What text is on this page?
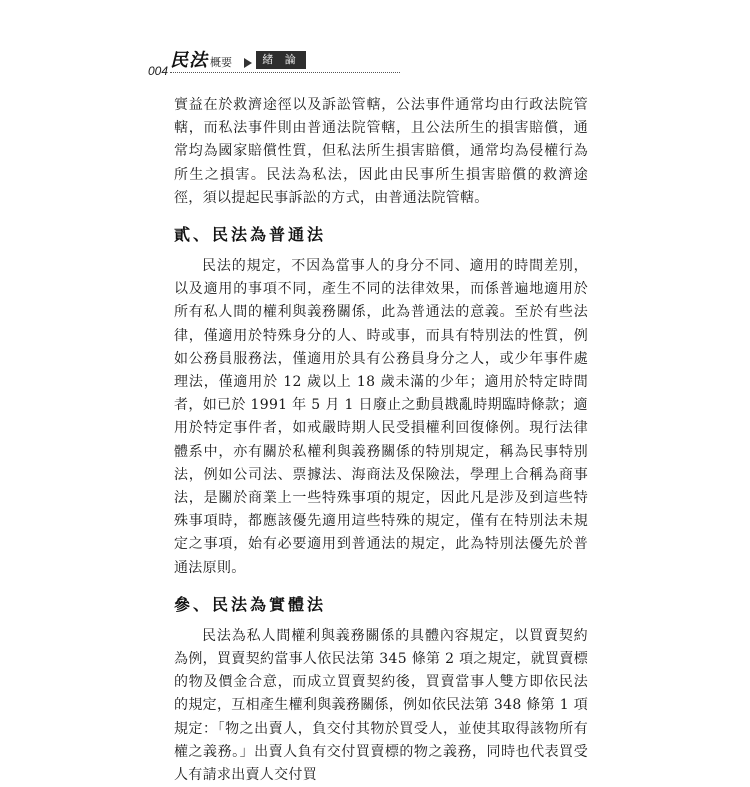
004 民法 概要	緒 論

實益在於救濟途徑以及訴訟管轄，公法事件通常均由行政法院管轄，而私法事件則由普通法院管轄，且公法所生的損害賠償，通常均為國家賠償性質，但私法所生損害賠償，通常均為侵權行為所生之損害。民法為私法，因此由民事所生損害賠償的救濟途徑，須以提起民事訴訟的方式，由普通法院管轄。

貳、民法為普通法

民法的規定，不因為當事人的身分不同、適用的時間差別，以及適用的事項不同，產生不同的法律效果，而係普遍地適用於所有私人間的權利與義務關係，此為普通法的意義。至於有些法律，僅適用於特殊身分的人、時或事，而具有特別法的性質，例如公務員服務法，僅適用於具有公務員身分之人，或少年事件處理法，僅適用於 12 歲以上 18 歲未滿的少年；適用於特定時間者，如已於 1991 年 5 月 1 日廢止之動員戡亂時期臨時條款；適用於特定事件者，如戒嚴時期人民受損權利回復條例。現行法律體系中，亦有關於私權利與義務關係的特別規定，稱為民事特別法，例如公司法、票據法、海商法及保險法，學理上合稱為商事法，是關於商業上一些特殊事項的規定，因此凡是涉及到這些特殊事項時，都應該優先適用這些特殊的規定，僅有在特別法未規定之事項，始有必要適用到普通法的規定，此為特別法優先於普通法原則。

參、民法為實體法

民法為私人間權利與義務關係的具體內容規定，以買賣契約為例，買賣契約當事人依民法第 345 條第 2 項之規定，就買賣標的物及價金合意，而成立買賣契約後，買賣當事人雙方即依民法的規定，互相產生權利與義務關係，例如依民法第 348 條第 1 項規定：「物之出賣人，負交付其物於買受人，並使其取得該物所有權之義務。」出賣人負有交付買賣標的物之義務，同時也代表買受人有請求出賣人交付買
